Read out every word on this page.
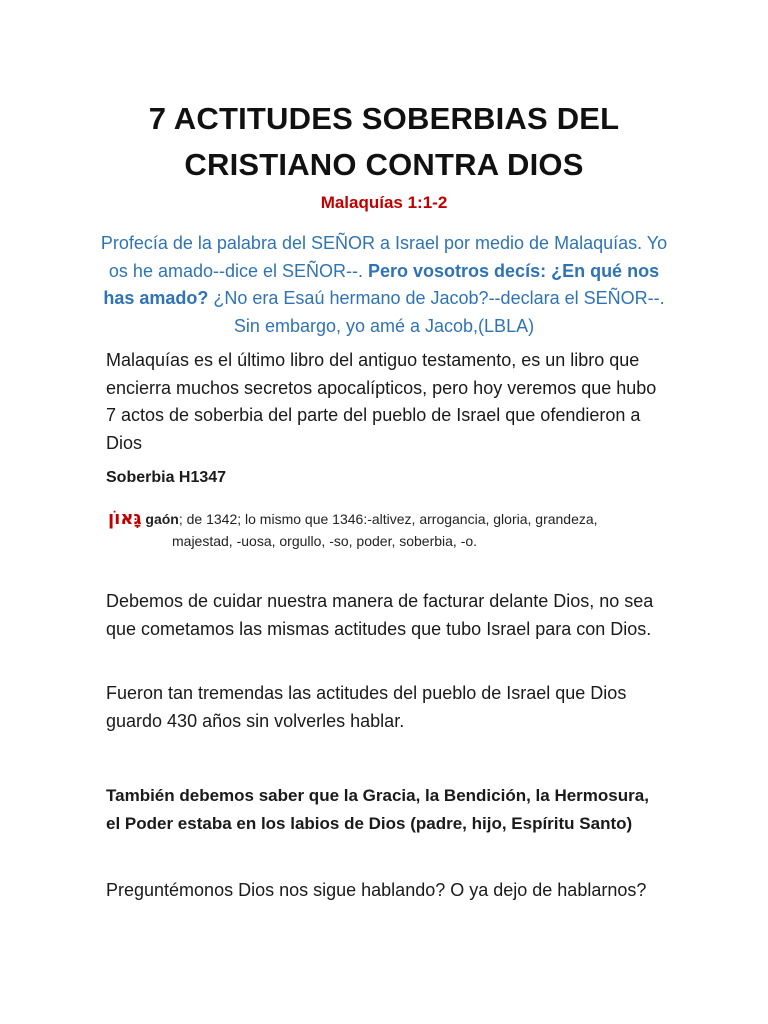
7 ACTITUDES SOBERBIAS DEL CRISTIANO CONTRA DIOS
Malaquías 1:1-2
Profecía de la palabra del SEÑOR a Israel por medio de Malaquías. Yo os he amado--dice el SEÑOR--. Pero vosotros decís: ¿En qué nos has amado? ¿No era Esaú hermano de Jacob?--declara el SEÑOR--. Sin embargo, yo amé a Jacob,(LBLA)
Malaquías es el último libro del antiguo testamento, es un libro que encierra muchos secretos apocalípticos, pero hoy veremos que hubo 7 actos de soberbia del parte del pueblo de Israel que ofendieron a Dios
Soberbia H1347
גָּאוֹן gaón; de 1342; lo mismo que 1346:-altivez, arrogancia, gloria, grandeza,
majestad, -uosa, orgullo, -so, poder, soberbia, -o.
Debemos de cuidar nuestra manera de facturar delante Dios, no sea que cometamos las mismas actitudes que tubo Israel para con Dios.
Fueron tan tremendas las actitudes del pueblo de Israel que Dios guardo 430 años sin volverles hablar.
También debemos saber que la Gracia, la Bendición, la Hermosura, el Poder estaba en los labios de Dios (padre, hijo, Espíritu Santo)
Preguntémonos Dios nos sigue hablando? O ya dejo de hablarnos?
